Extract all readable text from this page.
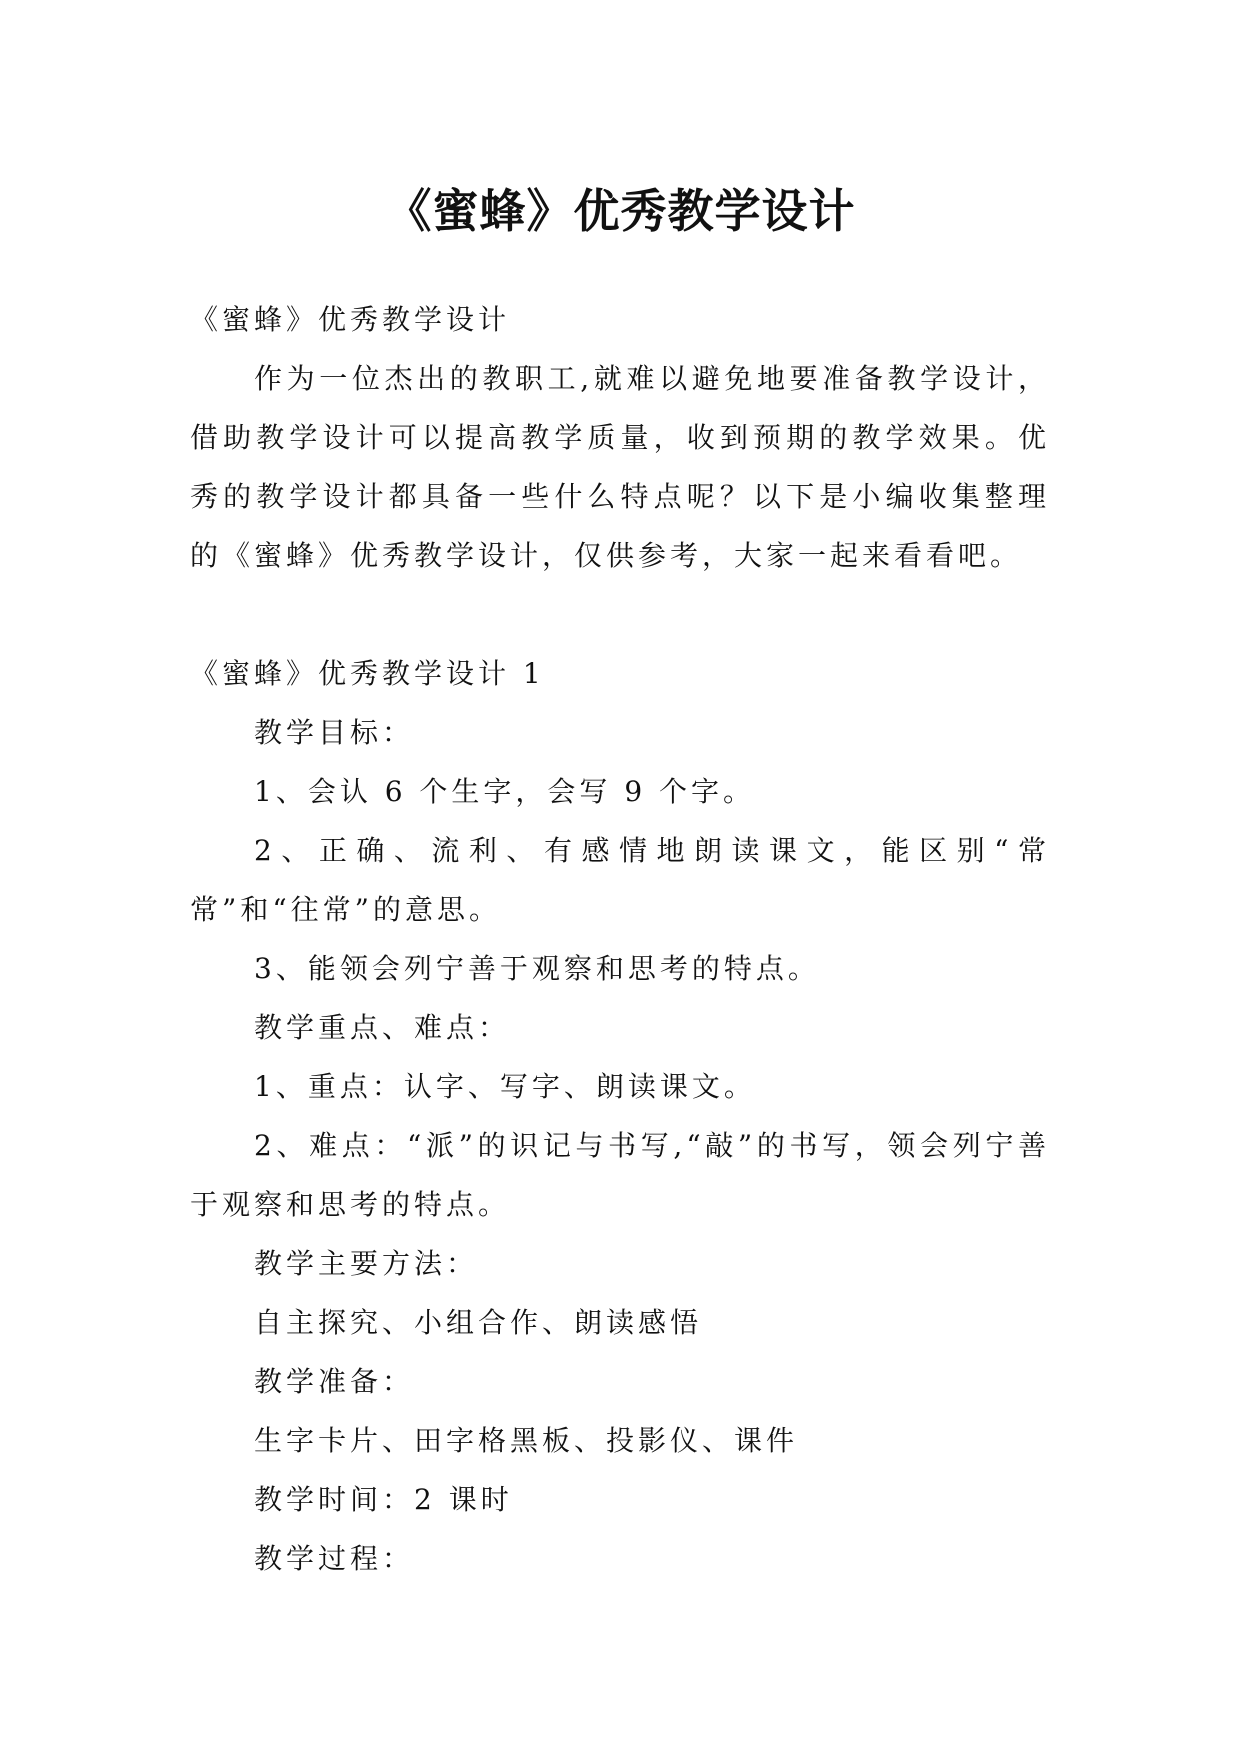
《蜜蜂》优秀教学设计

《蜜蜂》优秀教学设计

作为一位杰出的教职工,就难以避免地要准备教学设计，借助教学设计可以提高教学质量，收到预期的教学效果。优秀的教学设计都具备一些什么特点呢？以下是小编收集整理的《蜜蜂》优秀教学设计，仅供参考，大家一起来看看吧。

《蜜蜂》优秀教学设计 1

教学目标：

1、会认 6 个生字，会写 9 个字。

2、正确、流利、有感情地朗读课文，能区别“常常”和“往常”的意思。

3、能领会列宁善于观察和思考的特点。

教学重点、难点：

1、重点：认字、写字、朗读课文。

2、难点：“派”的识记与书写,“敲”的书写，领会列宁善于观察和思考的特点。

教学主要方法：

自主探究、小组合作、朗读感悟

教学准备：

生字卡片、田字格黑板、投影仪、课件

教学时间：2 课时

教学过程：
